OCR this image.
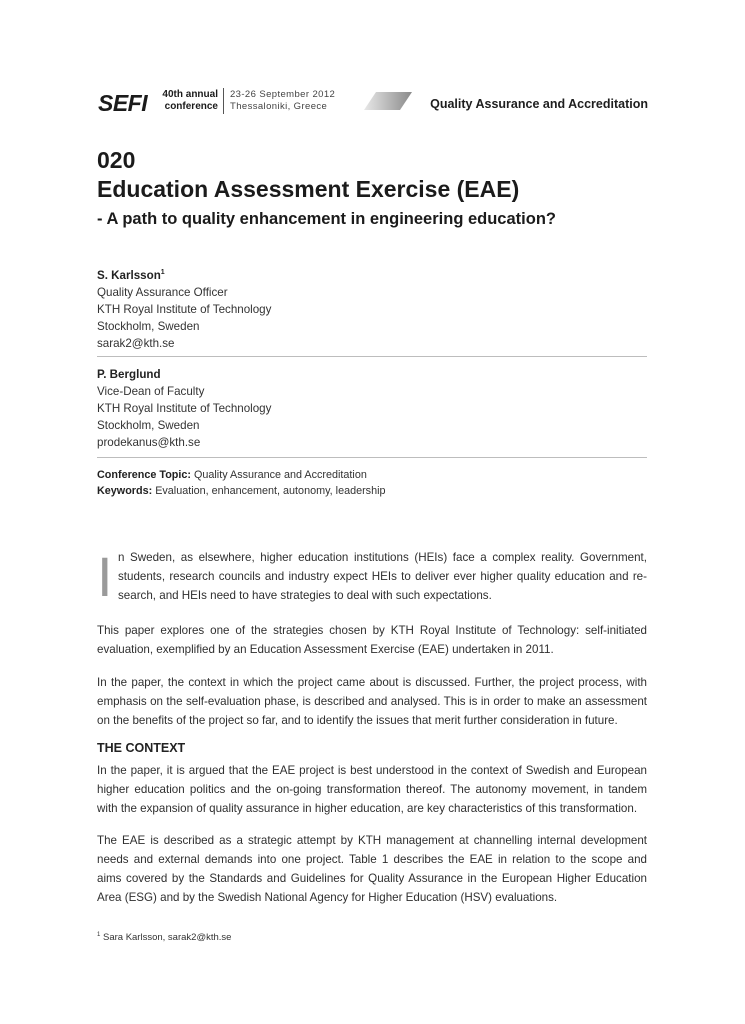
SEFI	40th annual
conference
23-26 September 2012
Thessaloniki, Greece	Quality Assurance and Accreditation
020
Education Assessment Exercise (EAE)
- A path to quality enhancement in engineering education?
S. Karlsson$^1$
Quality Assurance Officer
KTH Royal Institute of Technology
Stockholm, Sweden
sarak2@kth.se
P. Berglund
Vice-Dean of Faculty
KTH Royal Institute of Technology
Stockholm, Sweden
prodekanus@kth.se
Conference Topic: Quality Assurance and Accreditation
Keywords: Evaluation, enhancement, autonomy, leadership
I n Sweden, as elsewhere, higher education institutions (HEIs) face a complex reality. Government,
students, research councils and industry expect HEIs to deliver ever higher quality education and re-
search, and HEIs need to have strategies to deal with such expectations.
This paper explores one of the strategies chosen by KTH Royal Institute of Technology: self-initiated
evaluation, exemplified by an Education Assessment Exercise (EAE) undertaken in 2011.
In the paper, the context in which the project came about is discussed. Further, the project process, with
emphasis on the self-evaluation phase, is described and analysed. This is in order to make an assessment
on the benefits of the project so far, and to identify the issues that merit further consideration in future.
THE CONTEXT
In the paper, it is argued that the EAE project is best understood in the context of Swedish and European
higher education politics and the on-going transformation thereof. The autonomy movement, in tandem
with the expansion of quality assurance in higher education, are key characteristics of this transformation.
The EAE is described as a strategic attempt by KTH management at channelling internal development
needs and external demands into one project. Table 1 describes the EAE in relation to the scope and
aims covered by the Standards and Guidelines for Quality Assurance in the European Higher Education
Area (ESG) and by the Swedish National Agency for Higher Education (HSV) evaluations.
$^1$ Sara Karlsson, sarak2@kth.se
